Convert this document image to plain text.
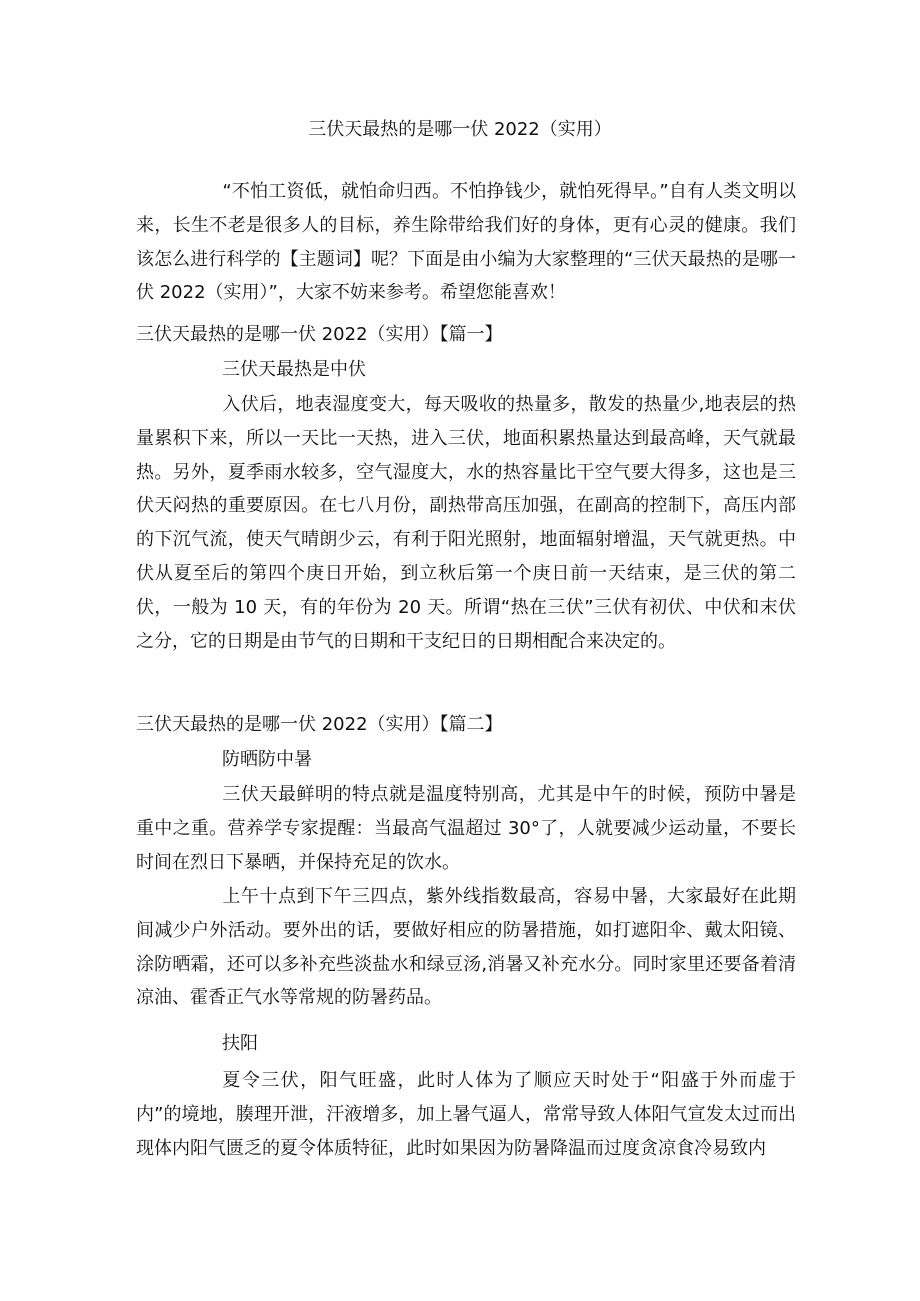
三伏天最热的是哪一伏 2022（实用）

“不怕工资低，就怕命归西。不怕挣钱少，就怕死得早。”自有人类文明以来，长生不老是很多人的目标，养生除带给我们好的身体，更有心灵的健康。我们该怎么进行科学的【主题词】呢？下面是由小编为大家整理的“三伏天最热的是哪一伏 2022（实用）”，大家不妨来参考。希望您能喜欢！

三伏天最热的是哪一伏 2022（实用）【篇一】
三伏天最热是中伏

入伏后，地表湿度变大，每天吸收的热量多，散发的热量少,地表层的热量累积下来，所以一天比一天热，进入三伏，地面积累热量达到最高峰，天气就最热。另外，夏季雨水较多，空气湿度大，水的热容量比干空气要大得多，这也是三伏天闷热的重要原因。在七八月份，副热带高压加强，在副高的控制下，高压内部的下沉气流，使天气晴朗少云，有利于阳光照射，地面辐射增温，天气就更热。中伏从夏至后的第四个庚日开始，到立秋后第一个庚日前一天结束，是三伏的第二伏，一般为 10 天，有的年份为 20 天。所谓“热在三伏”三伏有初伏、中伏和末伏之分，它的日期是由节气的日期和干支纪日的日期相配合来决定的。

三伏天最热的是哪一伏 2022（实用）【篇二】
防晒防中暑

三伏天最鲜明的特点就是温度特别高，尤其是中午的时候，预防中暑是重中之重。营养学专家提醒：当最高气温超过 30°了，人就要减少运动量，不要长时间在烈日下暴晒，并保持充足的饮水。

上午十点到下午三四点，紫外线指数最高，容易中暑，大家最好在此期间减少户外活动。要外出的话，要做好相应的防暑措施，如打遮阳伞、戴太阳镜、涂防晒霜，还可以多补充些淡盐水和绿豆汤,消暑又补充水分。同时家里还要备着清凉油、霍香正气水等常规的防暑药品。

扶阳

夏令三伏，阳气旺盛，此时人体为了顺应天时处于“阳盛于外而虚于内”的境地，腠理开泄，汗液增多，加上暑气逼人，常常导致人体阳气宣发太过而出现体内阳气匮乏的夏令体质特征，此时如果因为防暑降温而过度贪凉食冷易致内
